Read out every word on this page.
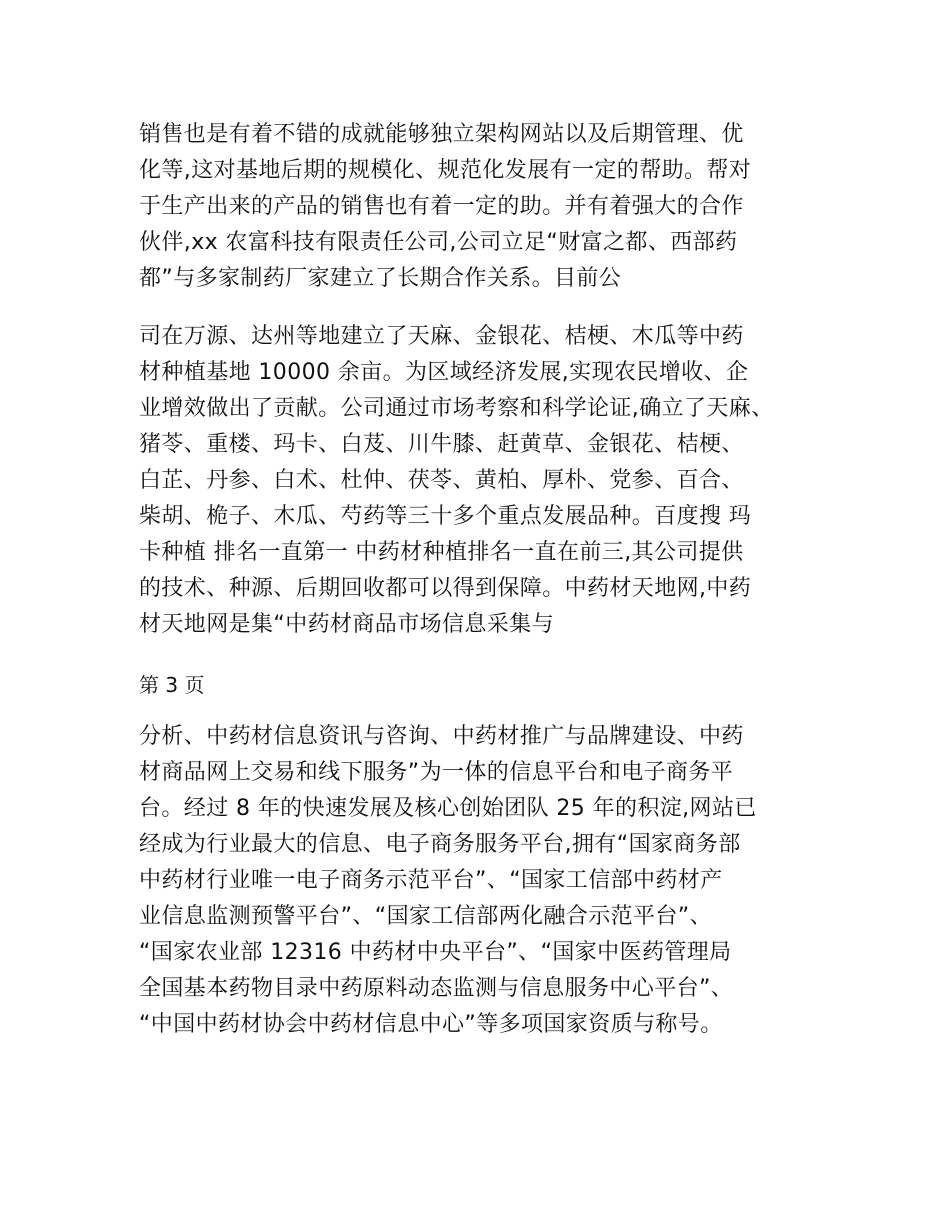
销售也是有着不错的成就能够独立架构网站以及后期管理、优

化等,这对基地后期的规模化、规范化发展有一定的帮助。帮对

于生产出来的产品的销售也有着一定的助。并有着强大的合作

伙伴,xx 农富科技有限责任公司,公司立足“财富之都、西部药

都”与多家制药厂家建立了长期合作关系。目前公

司在万源、达州等地建立了天麻、金银花、桔梗、木瓜等中药

材种植基地 10000 余亩。为区域经济发展,实现农民增收、企

业增效做出了贡献。公司通过市场考察和科学论证,确立了天麻、

猪苓、重楼、玛卡、白芨、川牛膝、赶黄草、金银花、桔梗、

白芷、丹参、白术、杜仲、茯苓、黄柏、厚朴、党参、百合、

柴胡、桅子、木瓜、芍药等三十多个重点发展品种。百度搜 玛

卡种植 排名一直第一 中药材种植排名一直在前三,其公司提供

的技术、种源、后期回收都可以得到保障。中药材天地网,中药

材天地网是集“中药材商品市场信息采集与

第 3 页

分析、中药材信息资讯与咨询、中药材推广与品牌建设、中药

材商品网上交易和线下服务”为一体的信息平台和电子商务平

台。经过 8 年的快速发展及核心创始团队 25 年的积淀,网站已

经成为行业最大的信息、电子商务服务平台,拥有“国家商务部

中药材行业唯一电子商务示范平台”、“国家工信部中药材产

业信息监测预警平台”、“国家工信部两化融合示范平台”、

“国家农业部 12316 中药材中央平台”、“国家中医药管理局

全国基本药物目录中药原料动态监测与信息服务中心平台”、

“中国中药材协会中药材信息中心”等多项国家资质与称号。
